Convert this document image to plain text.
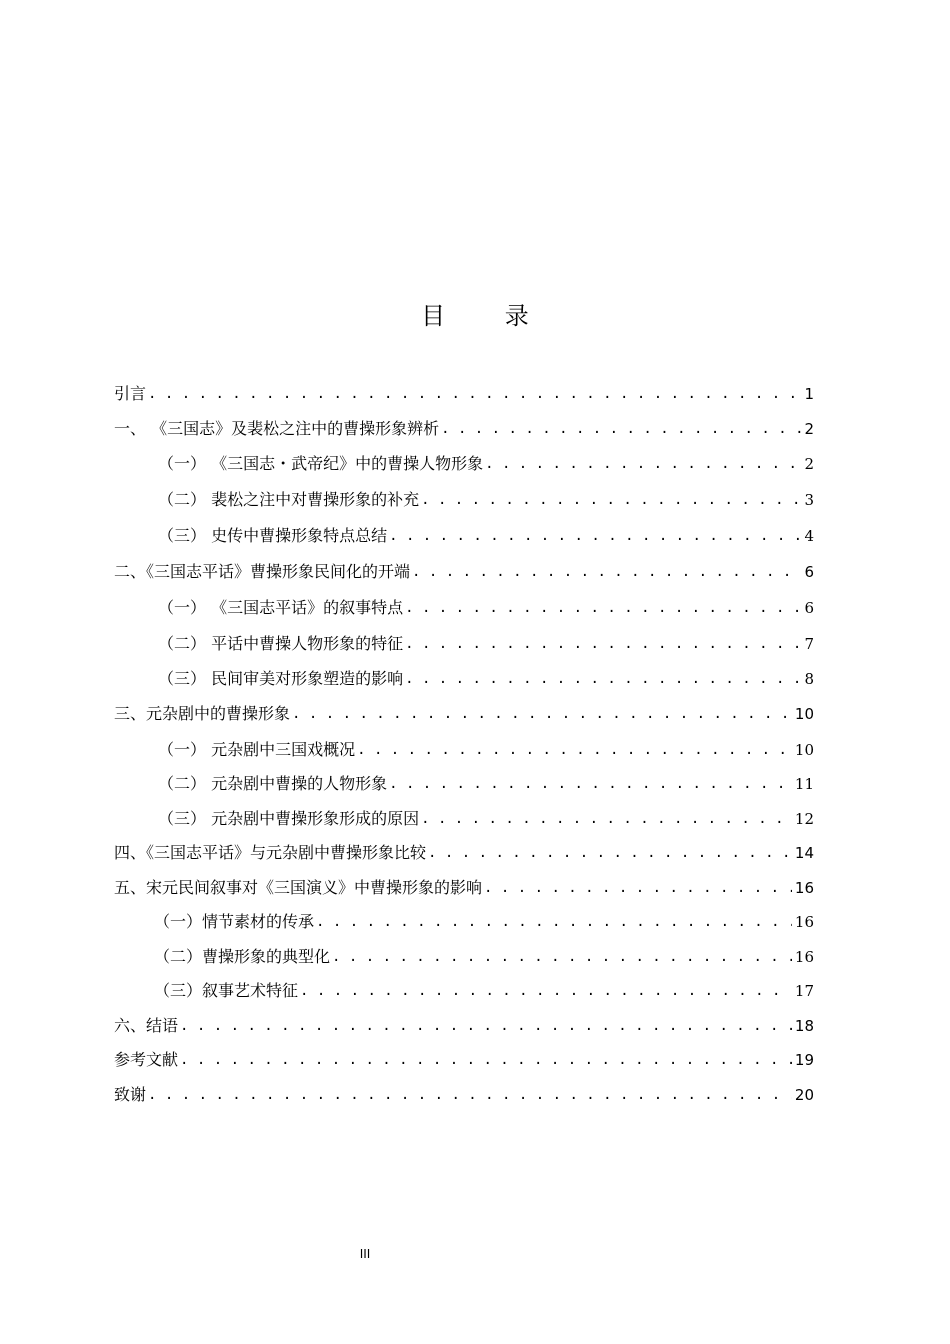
目 录
引言 . . .	1
一、 《三国志》及裴松之注中的曹操形象辨析 . . .	2
（一） 《三国志・武帝纪》中的曹操人物形象 . . .	2
（二） 裴松之注中对曹操形象的补充 . . .	3
（三） 史传中曹操形象特点总结 . . .	4
二、《三国志平话》曹操形象民间化的开端 . . .	6
（一） 《三国志平话》的叙事特点 . . .	6
（二） 平话中曹操人物形象的特征 . . .	7
（三） 民间审美对形象塑造的影响 . . .	8
三、元杂剧中的曹操形象 . . .	10
（一） 元杂剧中三国戏概况 . . .	10
（二） 元杂剧中曹操的人物形象 . . .	11
（三） 元杂剧中曹操形象形成的原因 . . .	12
四、《三国志平话》与元杂剧中曹操形象比较 . . .	14
五、宋元民间叙事对《三国演义》中曹操形象的影响 . . .	16
（一）情节素材的传承 . . .	16
（二）曹操形象的典型化 . . .	16
（三）叙事艺术特征 . . .	17
六、结语 . . .	18
参考文献 . . .	19
致谢 . . .	20
III
